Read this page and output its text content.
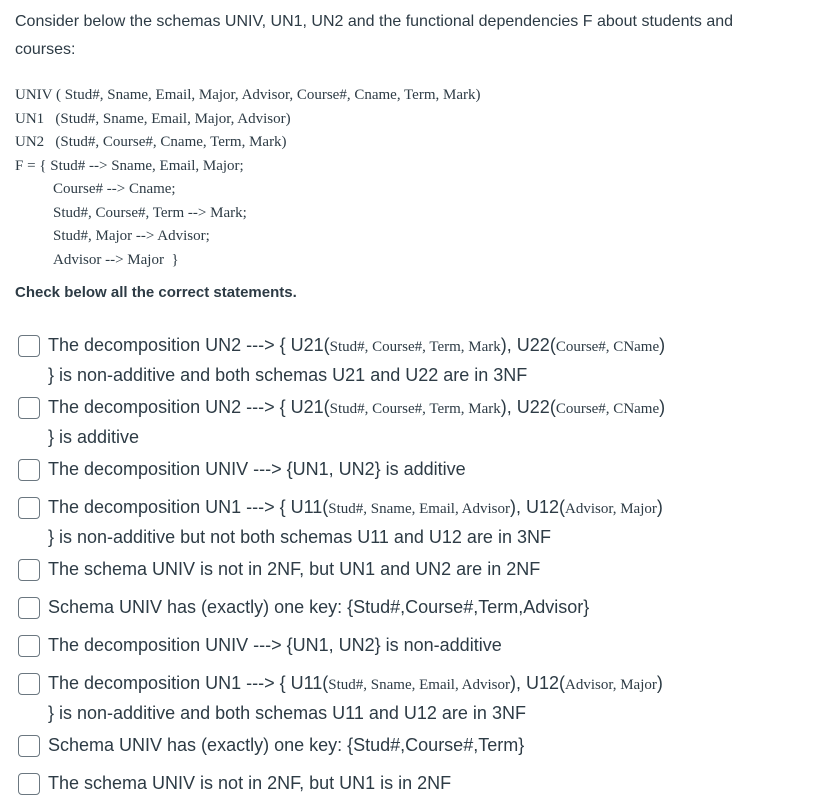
Consider below the schemas UNIV, UN1, UN2 and the functional dependencies F about students and courses:
UNIV ( Stud#, Sname, Email, Major, Advisor, Course#, Cname, Term, Mark)
UN1   (Stud#, Sname, Email, Major, Advisor)
UN2   (Stud#, Course#, Cname, Term, Mark)
F = { Stud# --> Sname, Email, Major;
Course# --> Cname;
Stud#, Course#, Term --> Mark;
Stud#, Major --> Advisor;
Advisor --> Major  }
Check below all the correct statements.
The decomposition UN2 ---> { U21(Stud#, Course#, Term, Mark), U22(Course#, CName)
} is non-additive and both schemas U21 and U22 are in 3NF
The decomposition UN2 ---> { U21(Stud#, Course#, Term, Mark), U22(Course#, CName)
} is additive
The decomposition UNIV ---> {UN1, UN2} is additive
The decomposition UN1 ---> { U11(Stud#, Sname, Email, Advisor), U12(Advisor, Major)
} is non-additive but not both schemas U11 and U12 are in 3NF
The schema UNIV is not in 2NF, but UN1 and UN2 are in 2NF
Schema UNIV has (exactly) one key: {Stud#,Course#,Term,Advisor}
The decomposition UNIV ---> {UN1, UN2} is non-additive
The decomposition UN1 ---> { U11(Stud#, Sname, Email, Advisor), U12(Advisor, Major)
} is non-additive and both schemas U11 and U12 are in 3NF
Schema UNIV has (exactly) one key: {Stud#,Course#,Term}
The schema UNIV is not in 2NF, but UN1 is in 2NF
